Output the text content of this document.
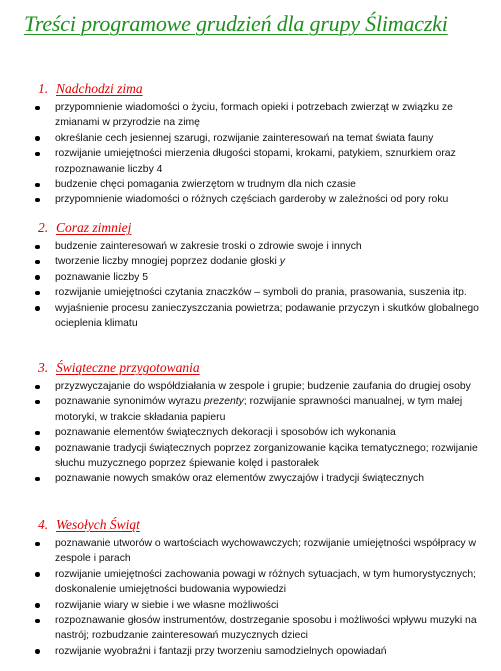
Treści programowe grudzień dla grupy Ślimaczki
1. Nadchodzi zima
przypomnienie wiadomości o życiu, formach opieki i potrzebach zwierząt w związku ze zmianami w przyrodzie na zimę
określanie cech jesiennej szarugi, rozwijanie zainteresowań na temat świata fauny
rozwijanie umiejętności mierzenia długości stopami, krokami, patykiem, sznurkiem oraz rozpoznawanie liczby 4
budzenie chęci pomagania zwierzętom w trudnym dla nich czasie
przypomnienie wiadomości o różnych częściach garderoby w zależności od pory roku
2. Coraz zimniej
budzenie zainteresowań w zakresie troski o zdrowie swoje i innych
tworzenie liczby mnogiej poprzez dodanie głoski y
poznawanie liczby 5
rozwijanie umiejętności czytania znaczków – symboli do prania, prasowania, suszenia itp.
wyjaśnienie procesu zanieczyszczania powietrza; podawanie przyczyn i skutków globalnego ocieplenia klimatu
3. Świąteczne przygotowania
przyzwyczajanie do współdziałania w zespole i grupie; budzenie zaufania do drugiej osoby
poznawanie synonimów wyrazu prezenty; rozwijanie sprawności manualnej, w tym małej motoryki, w trakcie składania papieru
poznawanie elementów świątecznych dekoracji i sposobów ich wykonania
poznawanie tradycji świątecznych poprzez zorganizowanie kącika tematycznego; rozwijanie słuchu muzycznego poprzez śpiewanie kolęd i pastorałek
poznawanie nowych smaków oraz elementów zwyczajów i tradycji świątecznych
4. Wesołych Świąt
poznawanie utworów o wartościach wychowawczych; rozwijanie umiejętności współpracy w zespole i parach
rozwijanie umiejętności zachowania powagi w różnych sytuacjach, w tym humorystycznych; doskonalenie umiejętności budowania wypowiedzi
rozwijanie wiary w siebie i we własne możliwości
rozpoznawanie głosów instrumentów, dostrzeganie sposobu i możliwości wpływu muzyki na nastrój; rozbudzanie zainteresowań muzycznych dzieci
rozwijanie wyobraźni i fantazji przy tworzeniu samodzielnych opowiadań
